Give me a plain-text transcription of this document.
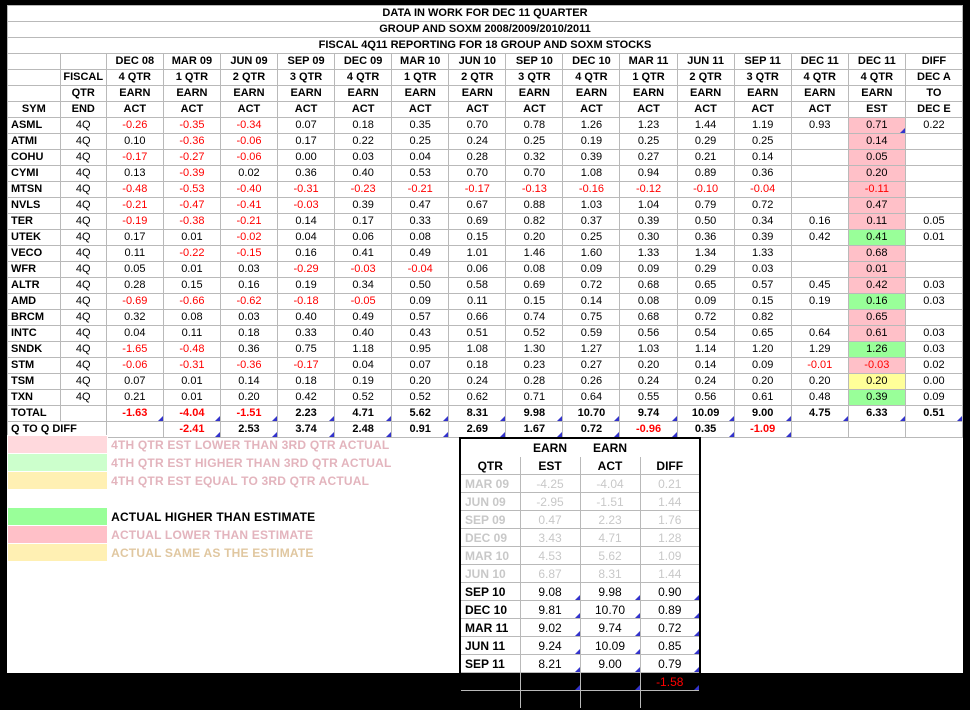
DATA IN WORK FOR DEC 11 QUARTER																
GROUP AND SOXM 2008/2009/2010/2011																
FISCAL 4Q11 REPORTING FOR 18 GROUP AND SOXM STOCKS																
		DEC 08	MAR 09	JUN 09	SEP 09	DEC 09	MAR 10	JUN 10	SEP 10	DEC 10	MAR 11	JUN 11	SEP 11	DEC 11	DEC 11	DIFF
	FISCAL	4 QTR	1 QTR	2 QTR	3 QTR	4 QTR	1 QTR	2 QTR	3 QTR	4 QTR	1 QTR	2 QTR	3 QTR	4 QTR	4 QTR	DEC A
	QTR	EARN	EARN	EARN	EARN	EARN	EARN	EARN	EARN	EARN	EARN	EARN	EARN	EARN	EARN	TO
SYM	END	ACT	ACT	ACT	ACT	ACT	ACT	ACT	ACT	ACT	ACT	ACT	ACT	ACT	EST	DEC E
ASML	4Q	-0.26	-0.35	-0.34	0.07	0.18	0.35	0.70	0.78	1.26	1.23	1.44	1.19	0.93	0.71	0.22
ATMI	4Q	0.10	-0.36	-0.06	0.17	0.22	0.25	0.24	0.25	0.19	0.25	0.29	0.25		0.14	
COHU	4Q	-0.17	-0.27	-0.06	0.00	0.03	0.04	0.28	0.32	0.39	0.27	0.21	0.14		0.05	
CYMI	4Q	0.13	-0.39	0.02	0.36	0.40	0.53	0.70	0.70	1.08	0.94	0.89	0.36		0.20	
MTSN	4Q	-0.48	-0.53	-0.40	-0.31	-0.23	-0.21	-0.17	-0.13	-0.16	-0.12	-0.10	-0.04		-0.11	
NVLS	4Q	-0.21	-0.47	-0.41	-0.03	0.39	0.47	0.67	0.88	1.03	1.04	0.79	0.72		0.47	
TER	4Q	-0.19	-0.38	-0.21	0.14	0.17	0.33	0.69	0.82	0.37	0.39	0.50	0.34	0.16	0.11	0.05
UTEK	4Q	0.17	0.01	-0.02	0.04	0.06	0.08	0.15	0.20	0.25	0.30	0.36	0.39	0.42	0.41	0.01
VECO	4Q	0.11	-0.22	-0.15	0.16	0.41	0.49	1.01	1.46	1.60	1.33	1.34	1.33		0.68	
WFR	4Q	0.05	0.01	0.03	-0.29	-0.03	-0.04	0.06	0.08	0.09	0.09	0.29	0.03		0.01	
ALTR	4Q	0.28	0.15	0.16	0.19	0.34	0.50	0.58	0.69	0.72	0.68	0.65	0.57	0.45	0.42	0.03
AMD	4Q	-0.69	-0.66	-0.62	-0.18	-0.05	0.09	0.11	0.15	0.14	0.08	0.09	0.15	0.19	0.16	0.03
BRCM	4Q	0.32	0.08	0.03	0.40	0.49	0.57	0.66	0.74	0.75	0.68	0.72	0.82		0.65	
INTC	4Q	0.04	0.11	0.18	0.33	0.40	0.43	0.51	0.52	0.59	0.56	0.54	0.65	0.64	0.61	0.03
SNDK	4Q	-1.65	-0.48	0.36	0.75	1.18	0.95	1.08	1.30	1.27	1.03	1.14	1.20	1.29	1.26	0.03
STM	4Q	-0.06	-0.31	-0.36	-0.17	0.04	0.07	0.18	0.23	0.27	0.20	0.14	0.09	-0.01	-0.03	0.02
TSM	4Q	0.07	0.01	0.14	0.18	0.19	0.20	0.24	0.28	0.26	0.24	0.24	0.20	0.20	0.20	0.00
TXN	4Q	0.21	0.01	0.20	0.42	0.52	0.52	0.62	0.71	0.64	0.55	0.56	0.61	0.48	0.39	0.09
TOTAL		-1.63	-4.04	-1.51	2.23	4.71	5.62	8.31	9.98	10.70	9.74	10.09	9.00	4.75	6.33	0.51
Q TO Q DIFF			-2.41	2.53	3.74	2.48	0.91	2.69	1.67	0.72	-0.96	0.35	-1.09			
	4TH QTR EST LOWER THAN 3RD QTR ACTUAL
	4TH QTR EST HIGHER THAN 3RD QTR ACTUAL
	4TH QTR EST EQUAL TO 3RD QTR ACTUAL

	ACTUAL HIGHER THAN ESTIMATE
	ACTUAL LOWER THAN ESTIMATE
	ACTUAL SAME AS THE ESTIMATE
	EARN	EARN	
QTR	EST	ACT	DIFF
MAR 09	-4.25	-4.04	0.21
JUN 09	-2.95	-1.51	1.44
SEP 09	0.47	2.23	1.76
DEC 09	3.43	4.71	1.28
MAR 10	4.53	5.62	1.09
JUN 10	6.87	8.31	1.44
SEP 10	9.08	9.98	0.90
DEC 10	9.81	10.70	0.89
MAR 11	9.02	9.74	0.72
JUN 11	9.24	10.09	0.85
SEP 11	8.21	9.00	0.79
DEC 11	6.33	4.75	-1.58
TOTAL	53.46	64.83	11.37
